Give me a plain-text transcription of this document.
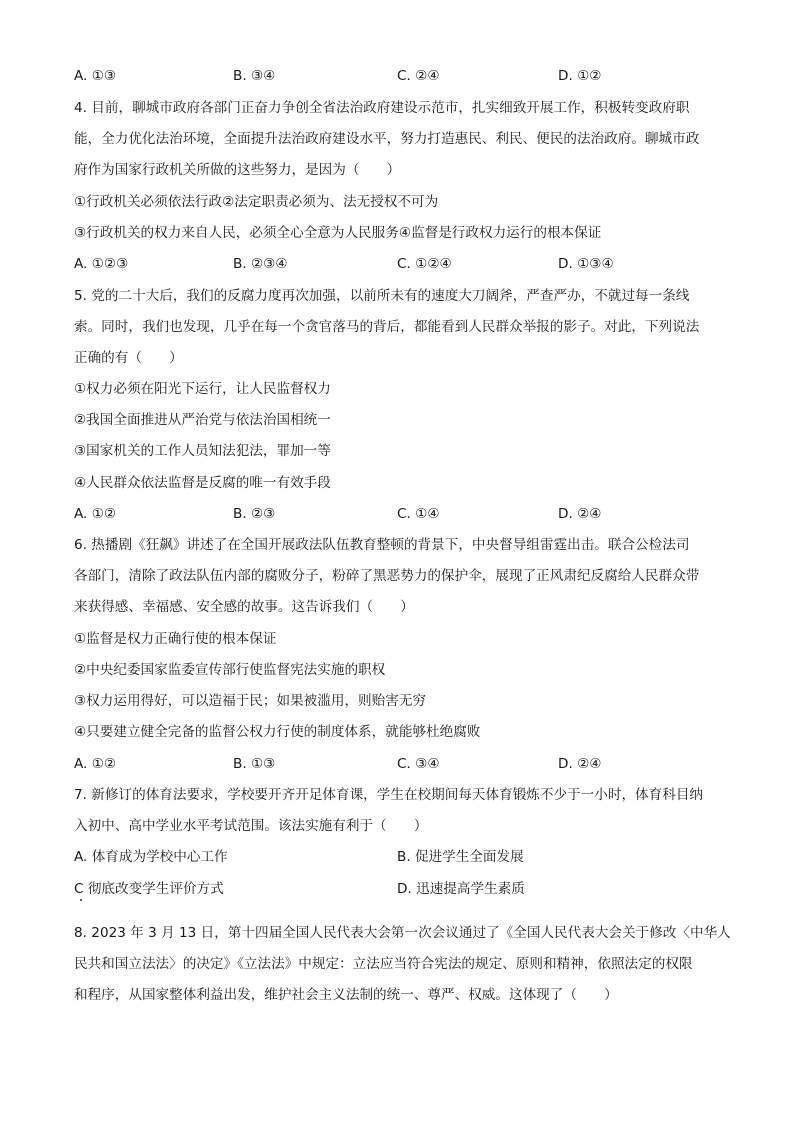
A. ①③	B. ③④	C. ②④	D. ①②
4. 目前，聊城市政府各部门正奋力争创全省法治政府建设示范市，扎实细致开展工作，积极转变政府职
能，全力优化法治环境，全面提升法治政府建设水平，努力打造惠民、利民、便民的法治政府。聊城市政
府作为国家行政机关所做的这些努力，是因为（　　）
①行政机关必须依法行政②法定职责必须为、法无授权不可为
③行政机关的权力来自人民，必须全心全意为人民服务④监督是行政权力运行的根本保证
A. ①②③	B. ②③④	C. ①②④	D. ①③④
5. 党的二十大后，我们的反腐力度再次加强，以前所未有的速度大刀阔斧，严查严办，不就过每一条线
索。同时，我们也发现，几乎在每一个贪官落马的背后，都能看到人民群众举报的影子。对此，下列说法
正确的有（　　）
①权力必须在阳光下运行，让人民监督权力
②我国全面推进从严治党与依法治国相统一
③国家机关的工作人员知法犯法，罪加一等
④人民群众依法监督是反腐的唯一有效手段
A. ①②	B. ②③	C. ①④	D. ②④
6. 热播剧《狂飙》讲述了在全国开展政法队伍教育整顿的背景下，中央督导组雷霆出击。联合公检法司
各部门，清除了政法队伍内部的腐败分子，粉碎了黑恶势力的保护伞，展现了正风肃纪反腐给人民群众带
来获得感、幸福感、安全感的故事。这告诉我们（　　）
①监督是权力正确行使的根本保证
②中央纪委国家监委宣传部行使监督宪法实施的职权
③权力运用得好，可以造福于民；如果被滥用，则贻害无穷
④只要建立健全完备的监督公权力行使的制度体系，就能够杜绝腐败
A. ①②	B. ①③	C. ③④	D. ②④
7. 新修订的体育法要求，学校要开齐开足体育课，学生在校期间每天体育锻炼不少于一小时，体育科目纳
入初中、高中学业水平考试范围。该法实施有利于（　　）
A. 体育成为学校中心工作	B. 促进学生全面发展
C 彻底改变学生评价方式	D. 迅速提高学生素质
8. 2023 年 3 月 13 日，第十四届全国人民代表大会第一次会议通过了《全国人民代表大会关于修改〈中华人
民共和国立法法〉的决定》《立法法》中规定：立法应当符合宪法的规定、原则和精神，依照法定的权限
和程序，从国家整体利益出发，维护社会主义法制的统一、尊严、权威。这体现了（　　）
